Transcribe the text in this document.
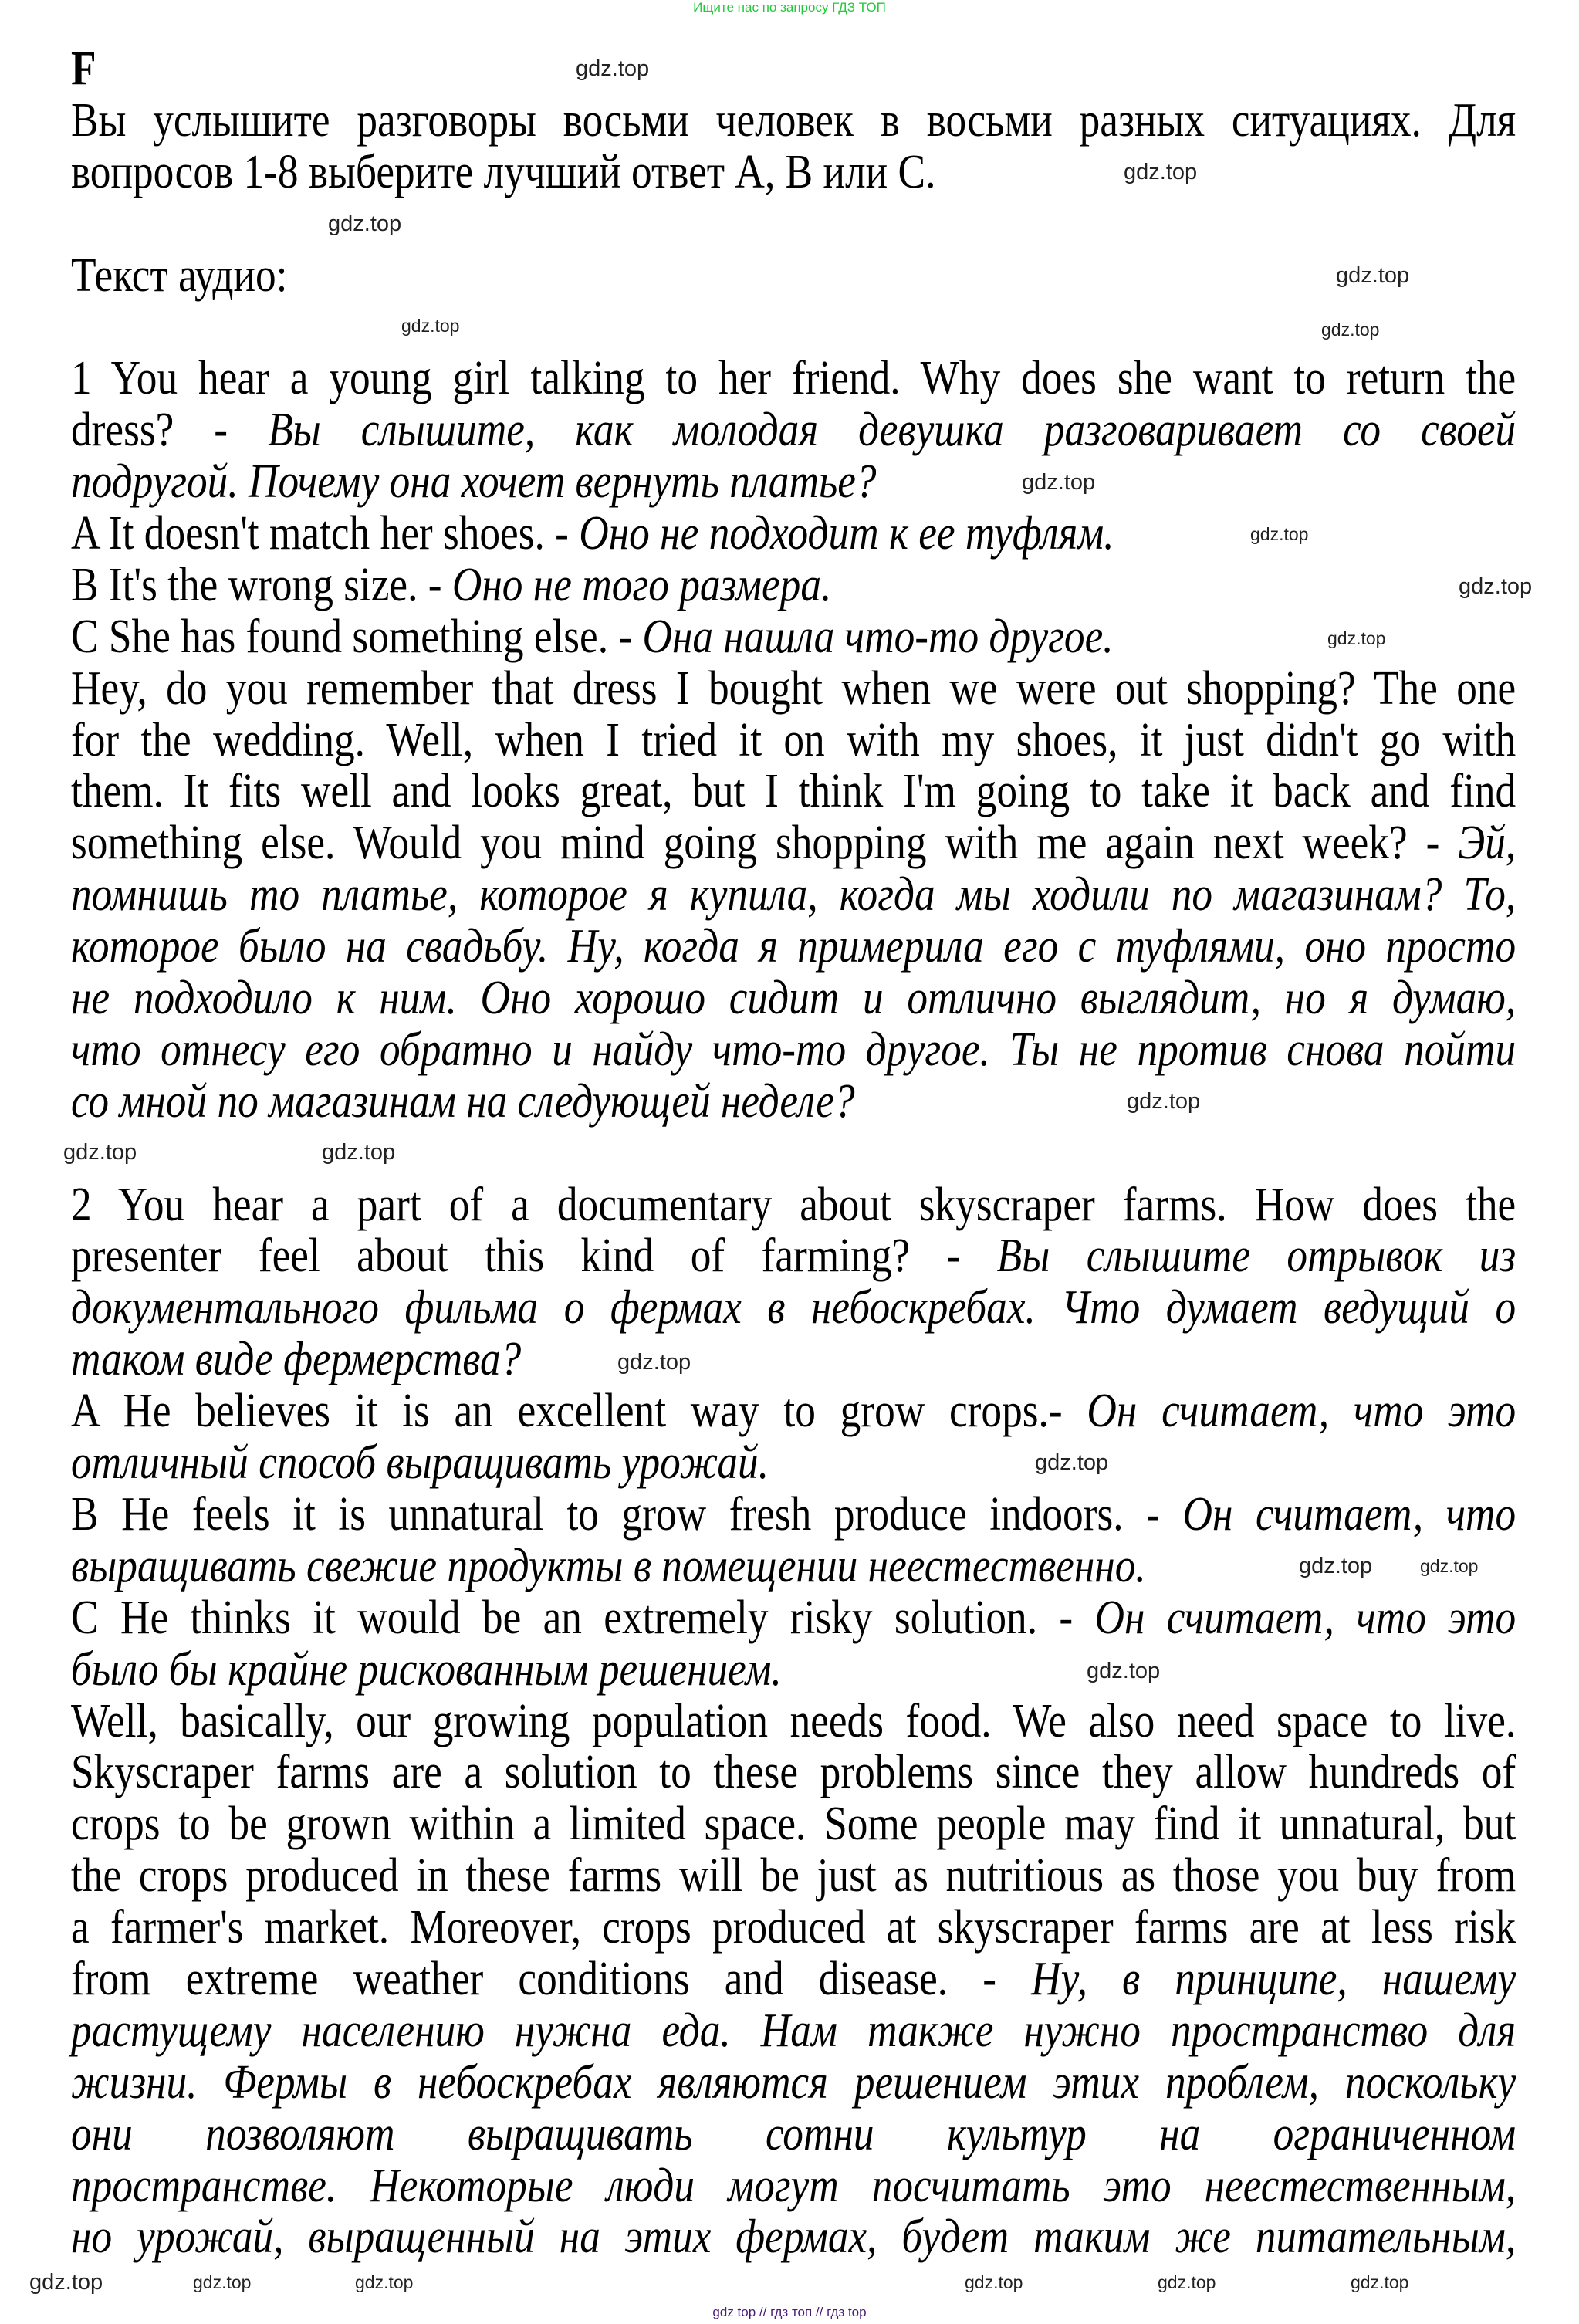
Ищите нас по запросу ГДЗ ТОП
F
Вы услышите разговоры восьми человек в восьми разных ситуациях. Для
вопросов 1-8 выберите лучший ответ A, B или C.
Текст аудио:
1 You hear a young girl talking to her friend. Why does she want to return the
dress? - Вы слышите, как молодая девушка разговаривает со своей
подругой. Почему она хочет вернуть платье?
A It doesn't match her shoes. - Оно не подходит к ее туфлям.
B It's the wrong size. - Оно не того размера.
C She has found something else. - Она нашла что-то другое.
Hey, do you remember that dress I bought when we were out shopping? The one
for the wedding. Well, when I tried it on with my shoes, it just didn't go with
them. It fits well and looks great, but I think I'm going to take it back and find
something else. Would you mind going shopping with me again next week? - Эй,
помнишь то платье, которое я купила, когда мы ходили по магазинам? То,
которое было на свадьбу. Ну, когда я примерила его с туфлями, оно просто
не подходило к ним. Оно хорошо сидит и отлично выглядит, но я думаю,
что отнесу его обратно и найду что-то другое. Ты не против снова пойти
со мной по магазинам на следующей неделе?
2 You hear a part of a documentary about skyscraper farms. How does the
presenter feel about this kind of farming? - Вы слышите отрывок из
документального фильма о фермах в небоскребах. Что думает ведущий о
таком виде фермерства?
A He believes it is an excellent way to grow crops.- Он считает, что это
отличный способ выращивать урожай.
B He feels it is unnatural to grow fresh produce indoors. - Он считает, что
выращивать свежие продукты в помещении неестественно.
C He thinks it would be an extremely risky solution. - Он считает, что это
было бы крайне рискованным решением.
Well, basically, our growing population needs food. We also need space to live.
Skyscraper farms are a solution to these problems since they allow hundreds of
crops to be grown within a limited space. Some people may find it unnatural, but
the crops produced in these farms will be just as nutritious as those you buy from
a farmer's market. Moreover, crops produced at skyscraper farms are at less risk
from extreme weather conditions and disease. - Ну, в принципе, нашему
растущему населению нужна еда. Нам также нужно пространство для
жизни. Фермы в небоскребах являются решением этих проблем, поскольку
они позволяют выращивать сотни культур на ограниченном
пространстве. Некоторые люди могут посчитать это неестественным,
но урожай, выращенный на этих фермах, будет таким же питательным,
gdz.top
gdz.top
gdz.top
gdz.top
gdz.top
gdz.top
gdz.top
gdz.top
gdz.top	gdz.top
gdz.top
gdz.top	gdz.top
gdz.top
gdz.top
gdz.top	gdz.top
gdz.top
gdz.top	gdz.top	gdz.top	gdz.top	gdz.top
gdz.top
gdz top // гдз топ // гдз top
